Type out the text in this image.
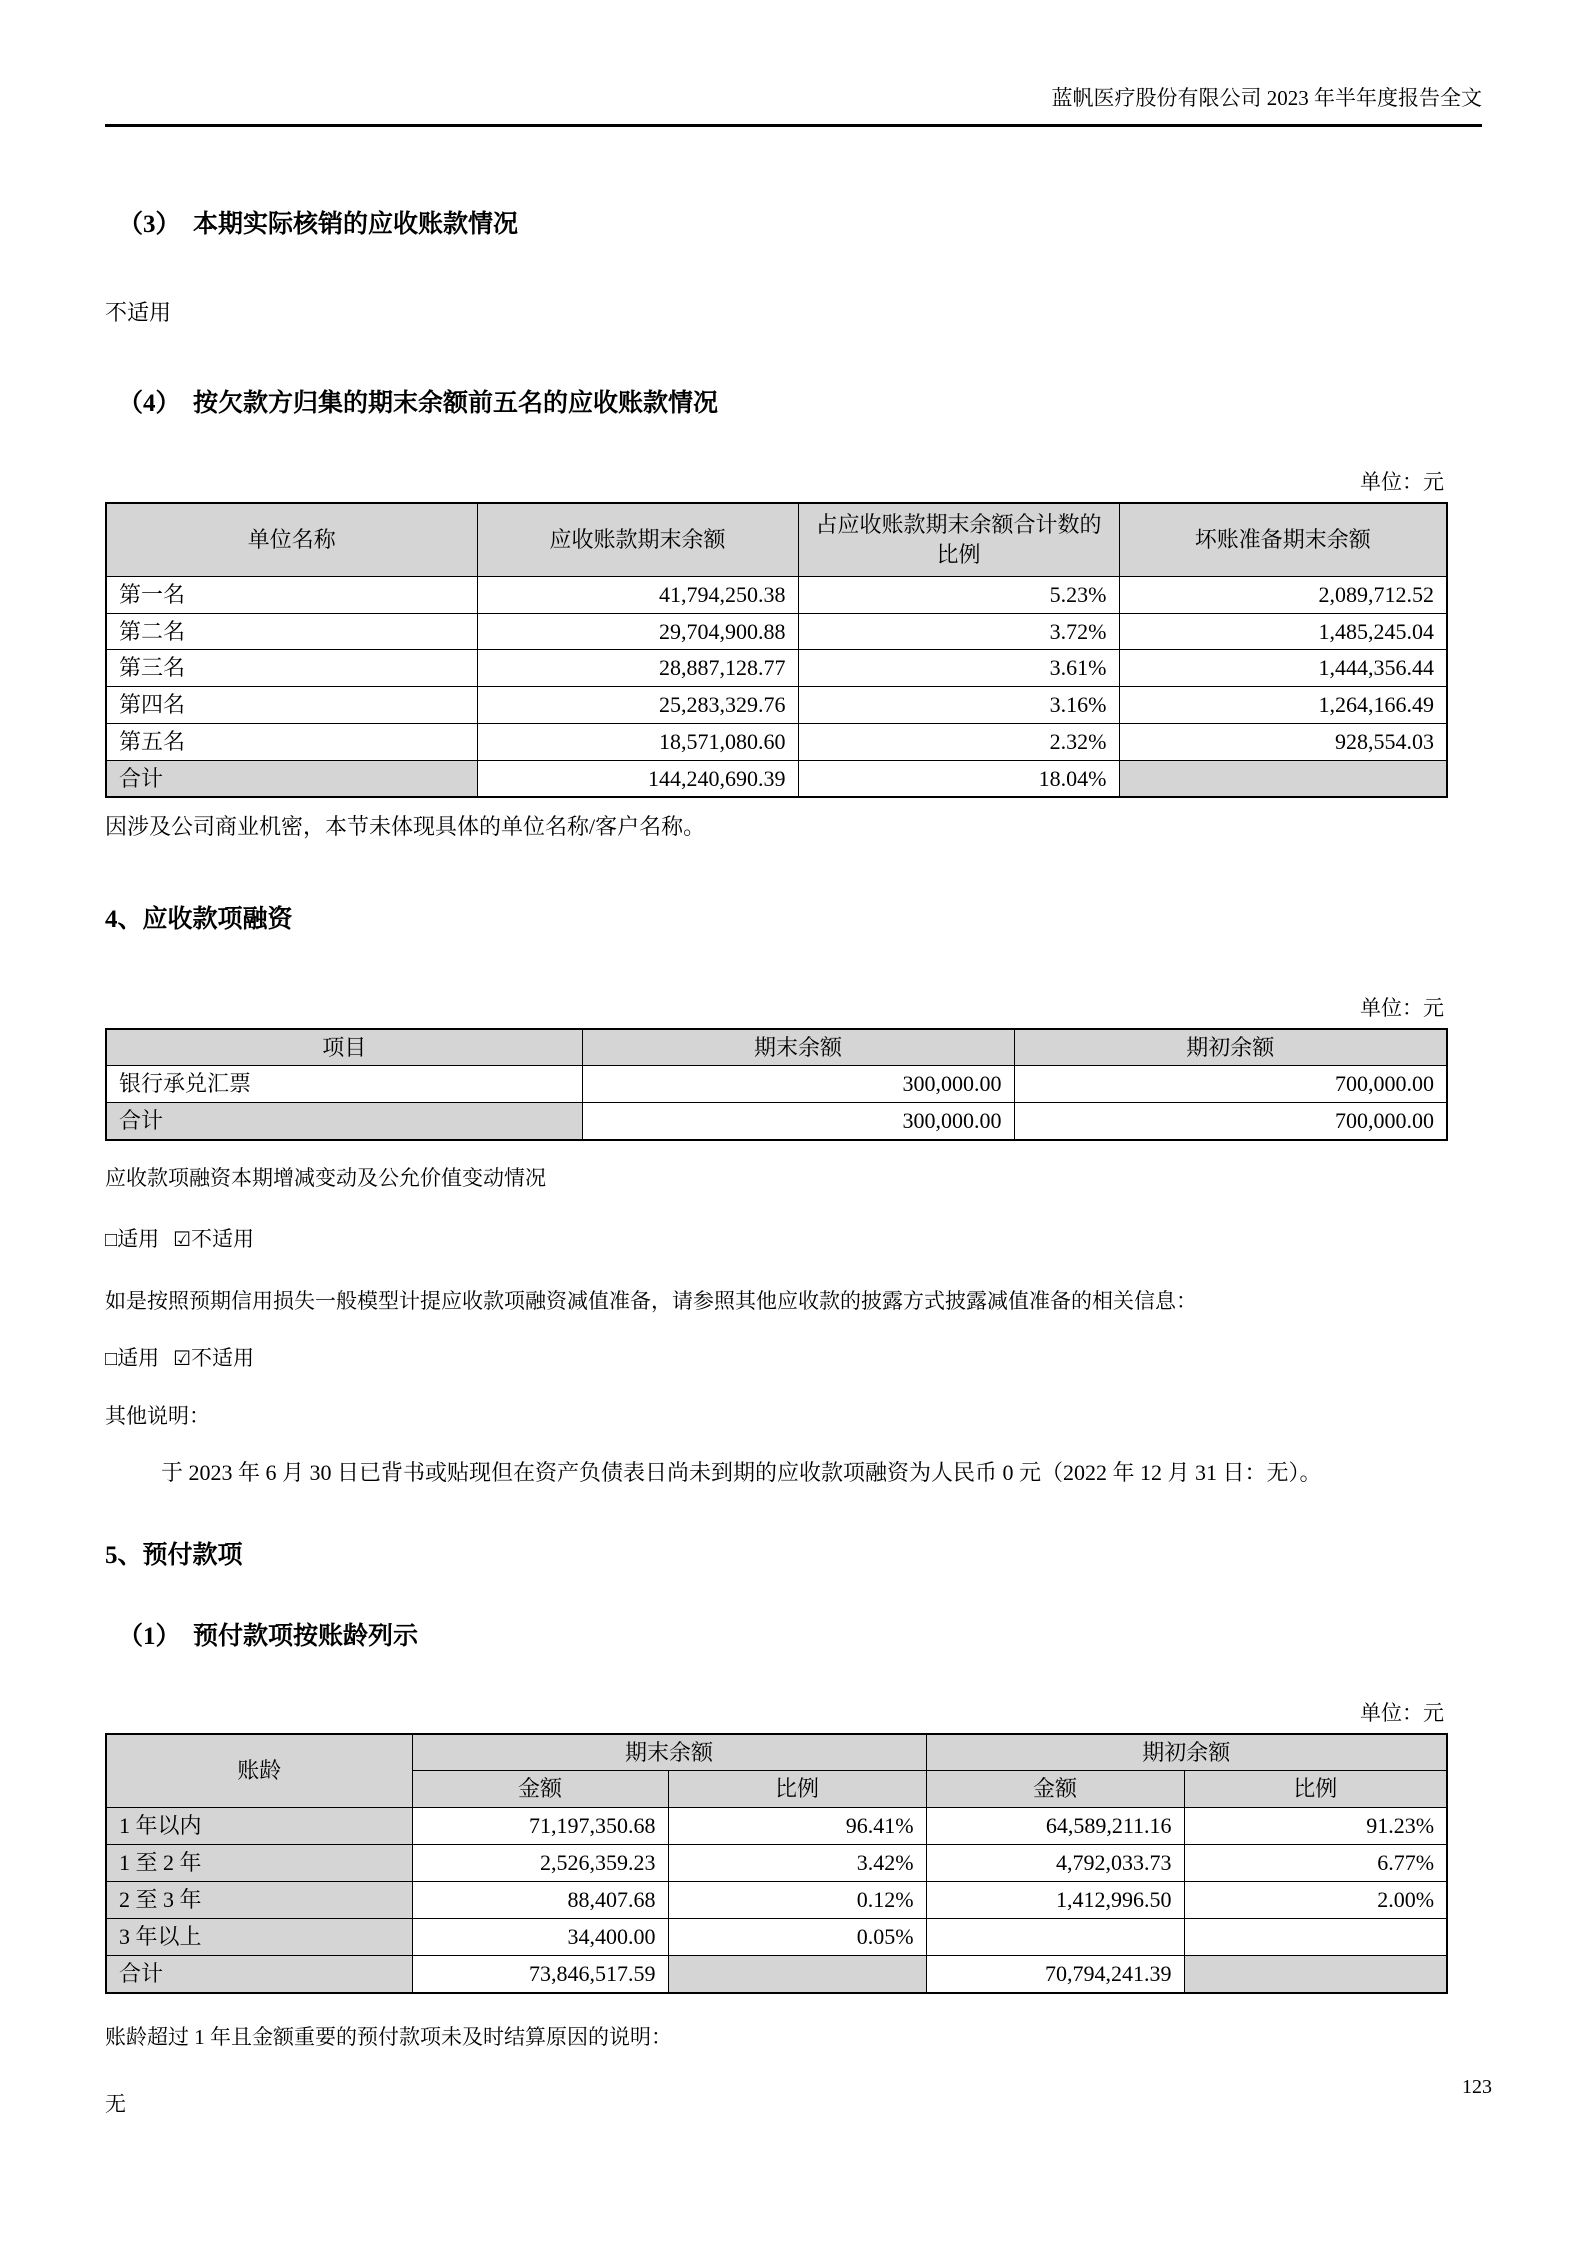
蓝帆医疗股份有限公司 2023 年半年度报告全文
（3）　本期实际核销的应收账款情况

不适用

（4）　按欠款方归集的期末余额前五名的应收账款情况
单位：元
单位名称	应收账款期末余额	占应收账款期末余额合计数的比例	坏账准备期末余额
第一名	41,794,250.38	5.23%	2,089,712.52
第二名	29,704,900.88	3.72%	1,485,245.04
第三名	28,887,128.77	3.61%	1,444,356.44
第四名	25,283,329.76	3.16%	1,264,166.49
第五名	18,571,080.60	2.32%	928,554.03
合计	144,240,690.39	18.04%	

因涉及公司商业机密，本节未体现具体的单位名称/客户名称。

4、应收款项融资
单位：元
项目	期末余额	期初余额
银行承兑汇票	300,000.00	700,000.00
合计	300,000.00	700,000.00

应收款项融资本期增减变动及公允价值变动情况

□适用 ☑不适用

如是按照预期信用损失一般模型计提应收款项融资减值准备，请参照其他应收款的披露方式披露减值准备的相关信息：

□适用 ☑不适用

其他说明：

于 2023 年 6 月 30 日已背书或贴现但在资产负债表日尚未到期的应收款项融资为人民币 0 元（2022 年 12 月 31 日：无）。

5、预付款项
（1）　预付款项按账龄列示
单位：元
账龄	期末余额		期初余额	
	金额	比例	金额	比例
1 年以内	71,197,350.68	96.41%	64,589,211.16	91.23%
1 至 2 年	2,526,359.23	3.42%	4,792,033.73	6.77%
2 至 3 年	88,407.68	0.12%	1,412,996.50	2.00%
3 年以上	34,400.00	0.05%		
合计	73,846,517.59		70,794,241.39	

账龄超过 1 年且金额重要的预付款项未及时结算原因的说明：

无

123
